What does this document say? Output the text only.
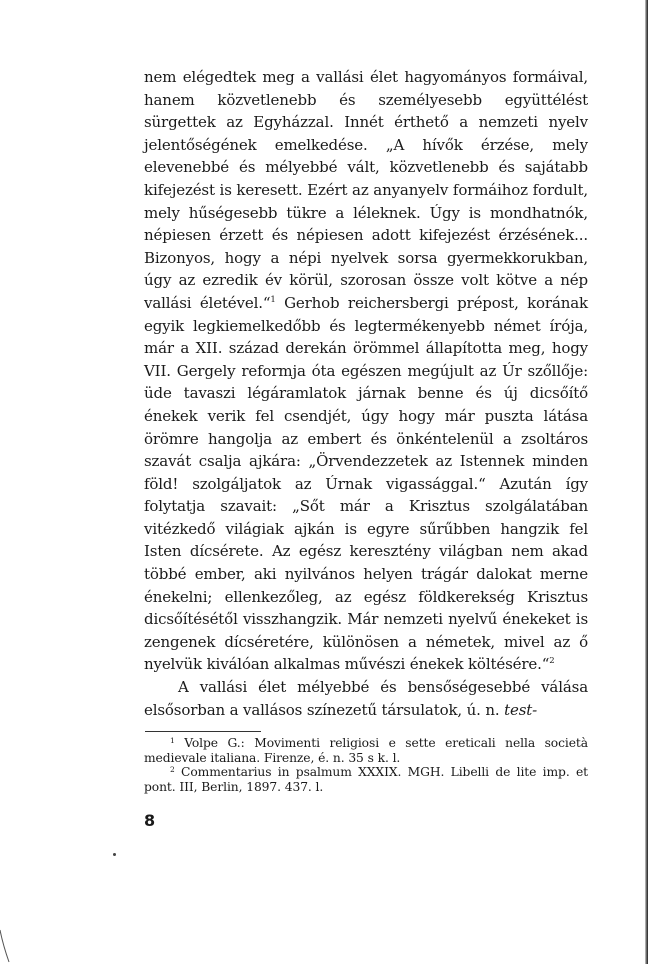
nem elégedtek meg a vallási élet hagyományos formáival, hanem közvetlenebb és személyesebb együttélést sürgettek az Egyházzal. Innét érthető a nemzeti nyelv jelentőségének emelkedése. „A hívők érzése, mely elevenebbé és mélyebbé vált, közvetlenebb és sajátabb kifejezést is keresett. Ezért az anyanyelv formáihoz fordult, mely hűségesebb tükre a léleknek. Úgy is mondhatnók, népiesen érzett és népiesen adott kifejezést érzésének... Bizonyos, hogy a népi nyelvek sorsa gyermekkorukban, úgy az ezredik év körül, szorosan össze volt kötve a nép vallási életével.“$^1$ Gerhob reichersbergi prépost, korának egyik legkiemelkedőbb és legtermékenyebb német írója, már a XII. század derekán örömmel állapította meg, hogy VII. Gergely reformja óta egészen megújult az Úr szőllője: üde tavaszi légáramlatok járnak benne és új dicsőítő énekek verik fel csendjét, úgy hogy már puszta látása örömre hangolja az embert és önkéntelenül a zsoltáros szavát csalja ajkára: „Örvendezzetek az Istennek minden föld! szolgáljatok az Úrnak vigassággal.“ Azután így folytatja szavait: „Sőt már a Krisztus szolgálatában vitézkedő világiak ajkán is egyre sűrűbben hangzik fel Isten dícsérete. Az egész keresztény világban nem akad többé ember, aki nyilvános helyen trágár dalokat merne énekelni; ellenkezőleg, az egész földkerekség Krisztus dicsőítésétől visszhangzik. Már nemzeti nyelvű énekeket is zengenek dícséretére, különösen a németek, mivel az ő nyelvük kiválóan alkalmas művészi énekek költésére.“$^2$

A vallási élet mélyebbé és bensőségesebbé válása elsősorban a vallásos színezetű társulatok, ú. n. test-

$^1$ Volpe G.: Movimenti religiosi e sette ereticali nella società medievale italiana. Firenze, é. n. 35 s k. l.

$^2$ Commentarius in psalmum XXXIX. MGH. Libelli de lite imp. et pont. III, Berlin, 1897. 437. l.

8
